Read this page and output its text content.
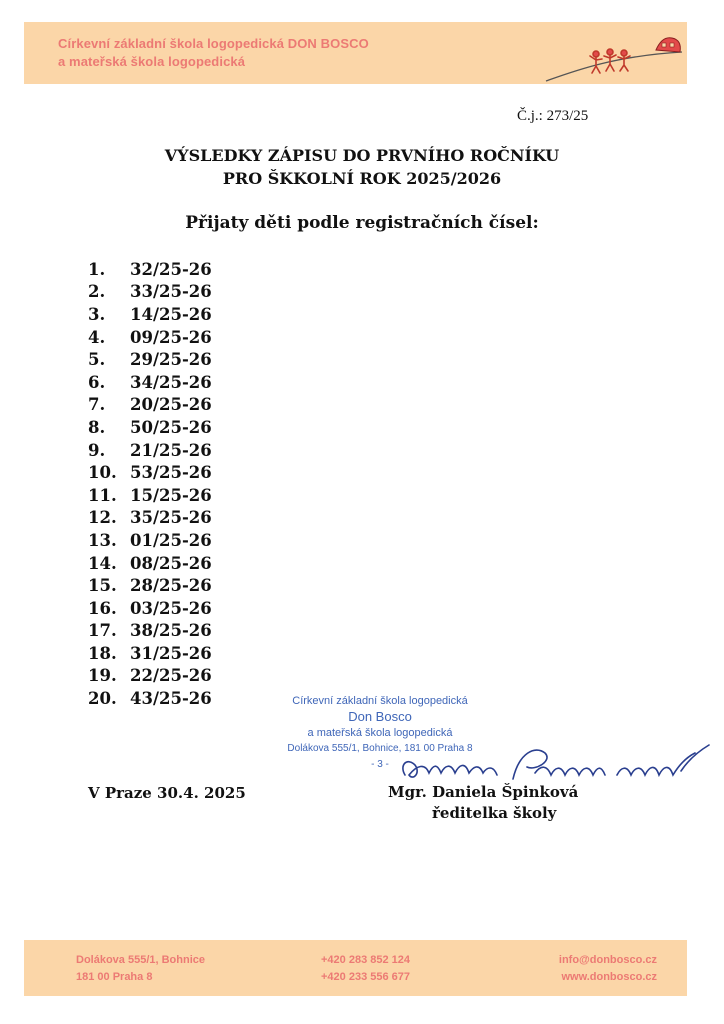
Církevní základní škola logopedická DON BOSCO
a mateřská škola logopedická
Č.j.: 273/25
VÝSLEDKY ZÁPISU DO PRVNÍHO ROČNÍKU
PRO ŠKKOLNÍ ROK 2025/2026
Přijaty děti podle registračních čísel:
1.	32/25-26
2.	33/25-26
3.	14/25-26
4.	09/25-26
5.	29/25-26
6.	34/25-26
7.	20/25-26
8.	50/25-26
9.	21/25-26
10. 53/25-26
11. 15/25-26
12. 35/25-26
13. 01/25-26
14. 08/25-26
15. 28/25-26
16. 03/25-26
17. 38/25-26
18. 31/25-26
19. 22/25-26
20. 43/25-26
V Praze 30.4. 2025
Církevní základní škola logopedická
Don Bosco
a mateřská škola logopedická
Dolákova 555/1, Bohnice, 181 00 Praha 8
- 3 -
Mgr. Daniela Špinková
ředitelka školy
Dolákova 555/1, Bohnice
181 00 Praha 8
+420 283 852 124
+420 233 556 677
info@donbosco.cz
www.donbosco.cz
